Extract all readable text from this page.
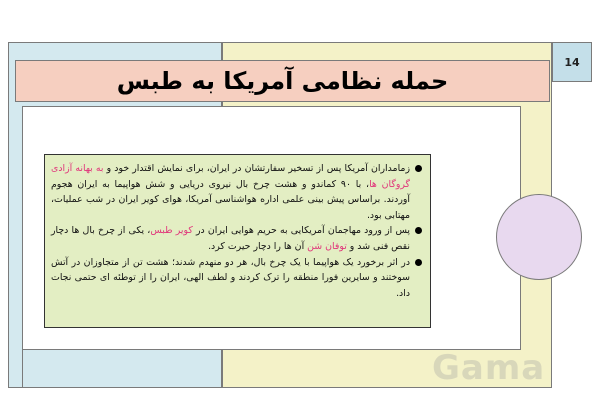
14
حمله نظامی آمریکا به طبس
زمامداران آمریکا پس از تسخیر سفارتشان در ایران، برای نمایش اقتدار خود و به بهانه آزادی گروگان ها، با ۹۰ کماندو و هشت چرخ بال نیروی دریایی و شش هواپیما به ایران هجوم آوردند. براساس پیش بینی علمی اداره هواشناسی آمریکا، هوای کویر ایران در شب عملیات، مهتابی بود.
پس از ورود مهاجمان آمریکایی به حریم هوایی ایران در کویر طبس، یکی از چرخ بال ها دچار نقص فنی شد و توفان شن آن ها را دچار حیرت کرد.
در اثر برخورد یک هواپیما با یک چرخ بال، هر دو منهدم شدند؛ هشت تن از متجاوزان در آتش سوختند و سایرین فورا منطقه را ترک کردند و لطف الهی، ایران را از توطئه ای حتمی نجات داد.
Gama
